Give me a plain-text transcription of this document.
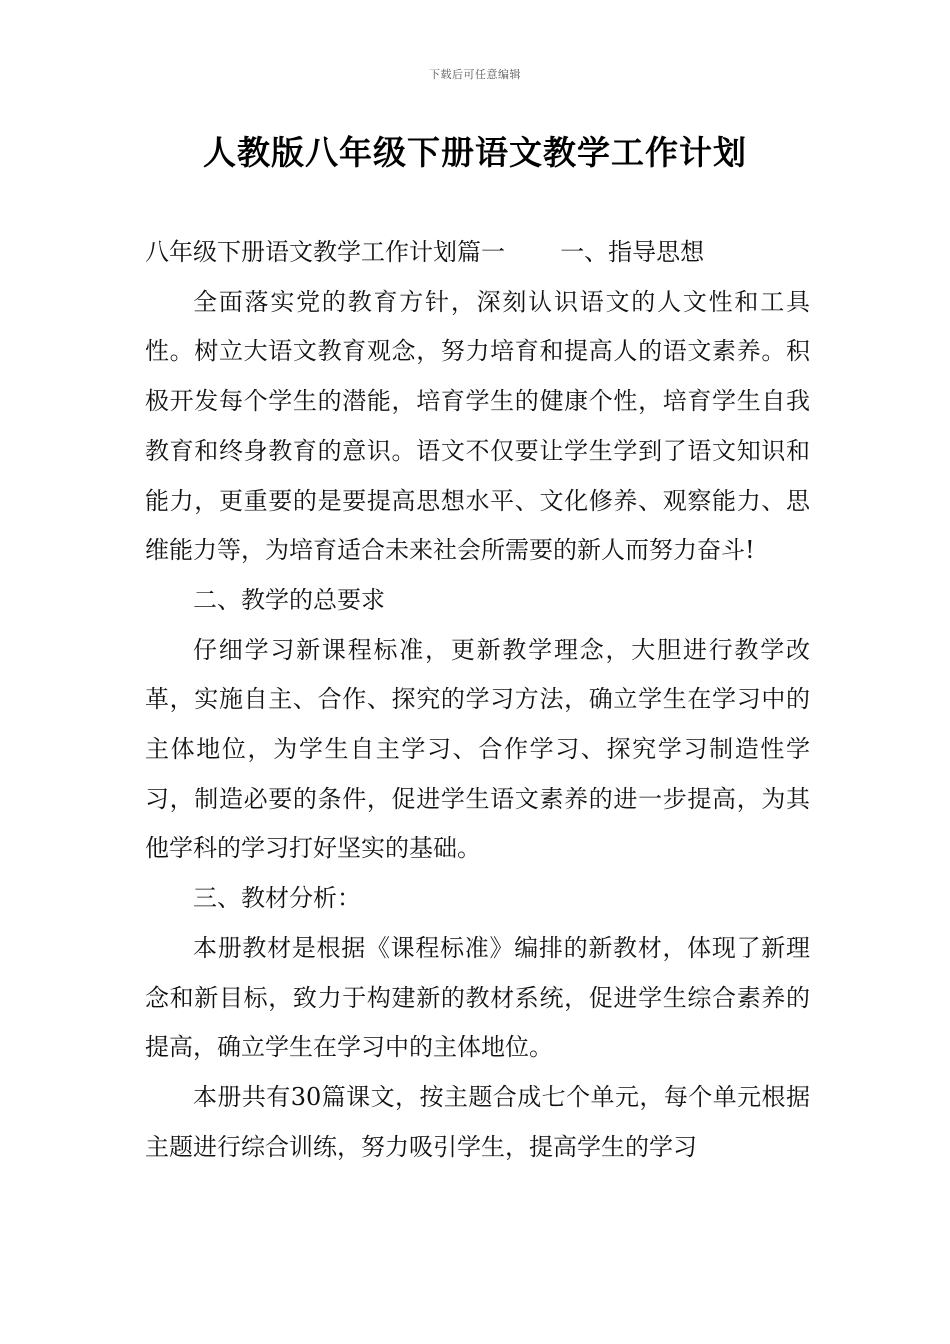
下载后可任意编辑
人教版八年级下册语文教学工作计划

八年级下册语文教学工作计划篇一 一、指导思想

全面落实党的教育方针，深刻认识语文的人文性和工具性。树立大语文教育观念，努力培育和提高人的语文素养。积极开发每个学生的潜能，培育学生的健康个性，培育学生自我教育和终身教育的意识。语文不仅要让学生学到了语文知识和能力，更重要的是要提高思想水平、文化修养、观察能力、思维能力等，为培育适合未来社会所需要的新人而努力奋斗!

二、教学的总要求

仔细学习新课程标准，更新教学理念，大胆进行教学改革，实施自主、合作、探究的学习方法，确立学生在学习中的主体地位，为学生自主学习、合作学习、探究学习制造性学习，制造必要的条件，促进学生语文素养的进一步提高，为其他学科的学习打好坚实的基础。

三、教材分析：

本册教材是根据《课程标准》编排的新教材，体现了新理念和新目标，致力于构建新的教材系统，促进学生综合素养的提高，确立学生在学习中的主体地位。

本册共有30篇课文，按主题合成七个单元，每个单元根据主题进行综合训练，努力吸引学生，提高学生的学习
